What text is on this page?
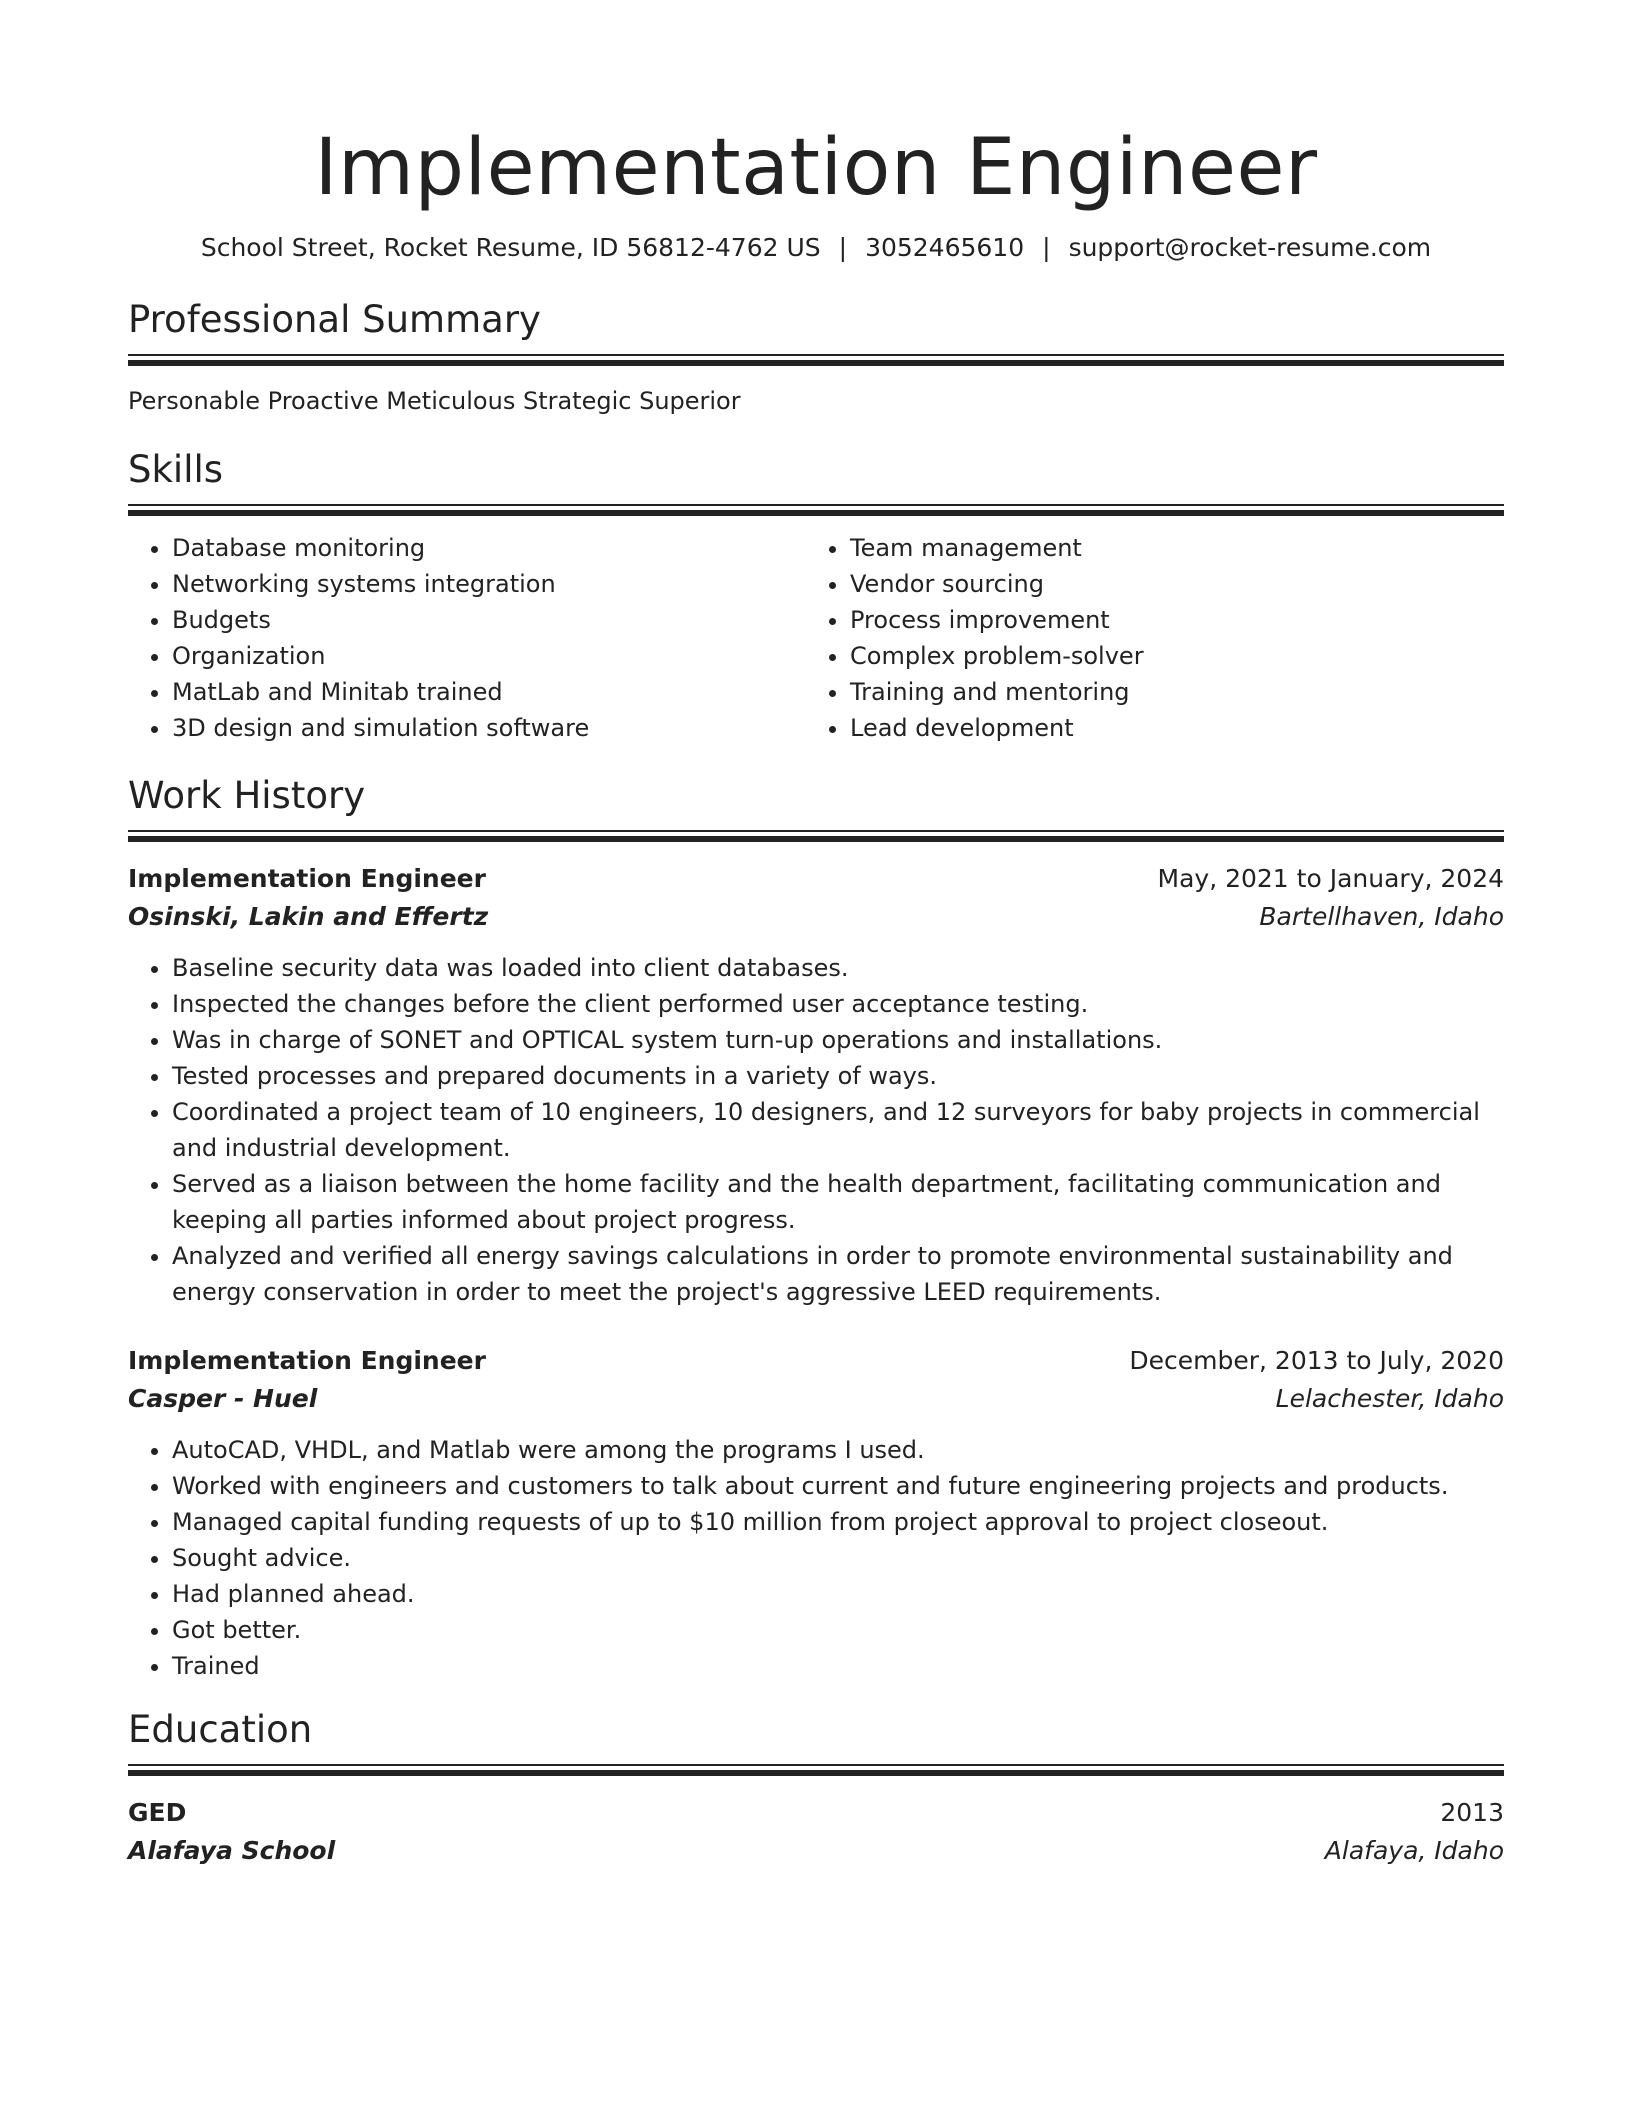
Implementation Engineer
School Street, Rocket Resume, ID 56812-4762 US | 3052465610 | support@rocket-resume.com
Professional Summary
Personable Proactive Meticulous Strategic Superior
Skills
• Database monitoring
• Networking systems integration
• Budgets
• Organization
• MatLab and Minitab trained
• 3D design and simulation software
• Team management
• Vendor sourcing
• Process improvement
• Complex problem-solver
• Training and mentoring
• Lead development
Work History
Implementation Engineer	May, 2021 to January, 2024
Osinski, Lakin and Effertz	Bartellhaven, Idaho
• Baseline security data was loaded into client databases.
• Inspected the changes before the client performed user acceptance testing.
• Was in charge of SONET and OPTICAL system turn-up operations and installations.
• Tested processes and prepared documents in a variety of ways.
• Coordinated a project team of 10 engineers, 10 designers, and 12 surveyors for baby projects in commercial and industrial development.
• Served as a liaison between the home facility and the health department, facilitating communication and keeping all parties informed about project progress.
• Analyzed and verified all energy savings calculations in order to promote environmental sustainability and energy conservation in order to meet the project's aggressive LEED requirements.
Implementation Engineer	December, 2013 to July, 2020
Casper - Huel	Lelachester, Idaho
• AutoCAD, VHDL, and Matlab were among the programs I used.
• Worked with engineers and customers to talk about current and future engineering projects and products.
• Managed capital funding requests of up to $10 million from project approval to project closeout.
• Sought advice.
• Had planned ahead.
• Got better.
• Trained
Education
GED	2013
Alafaya School	Alafaya, Idaho
